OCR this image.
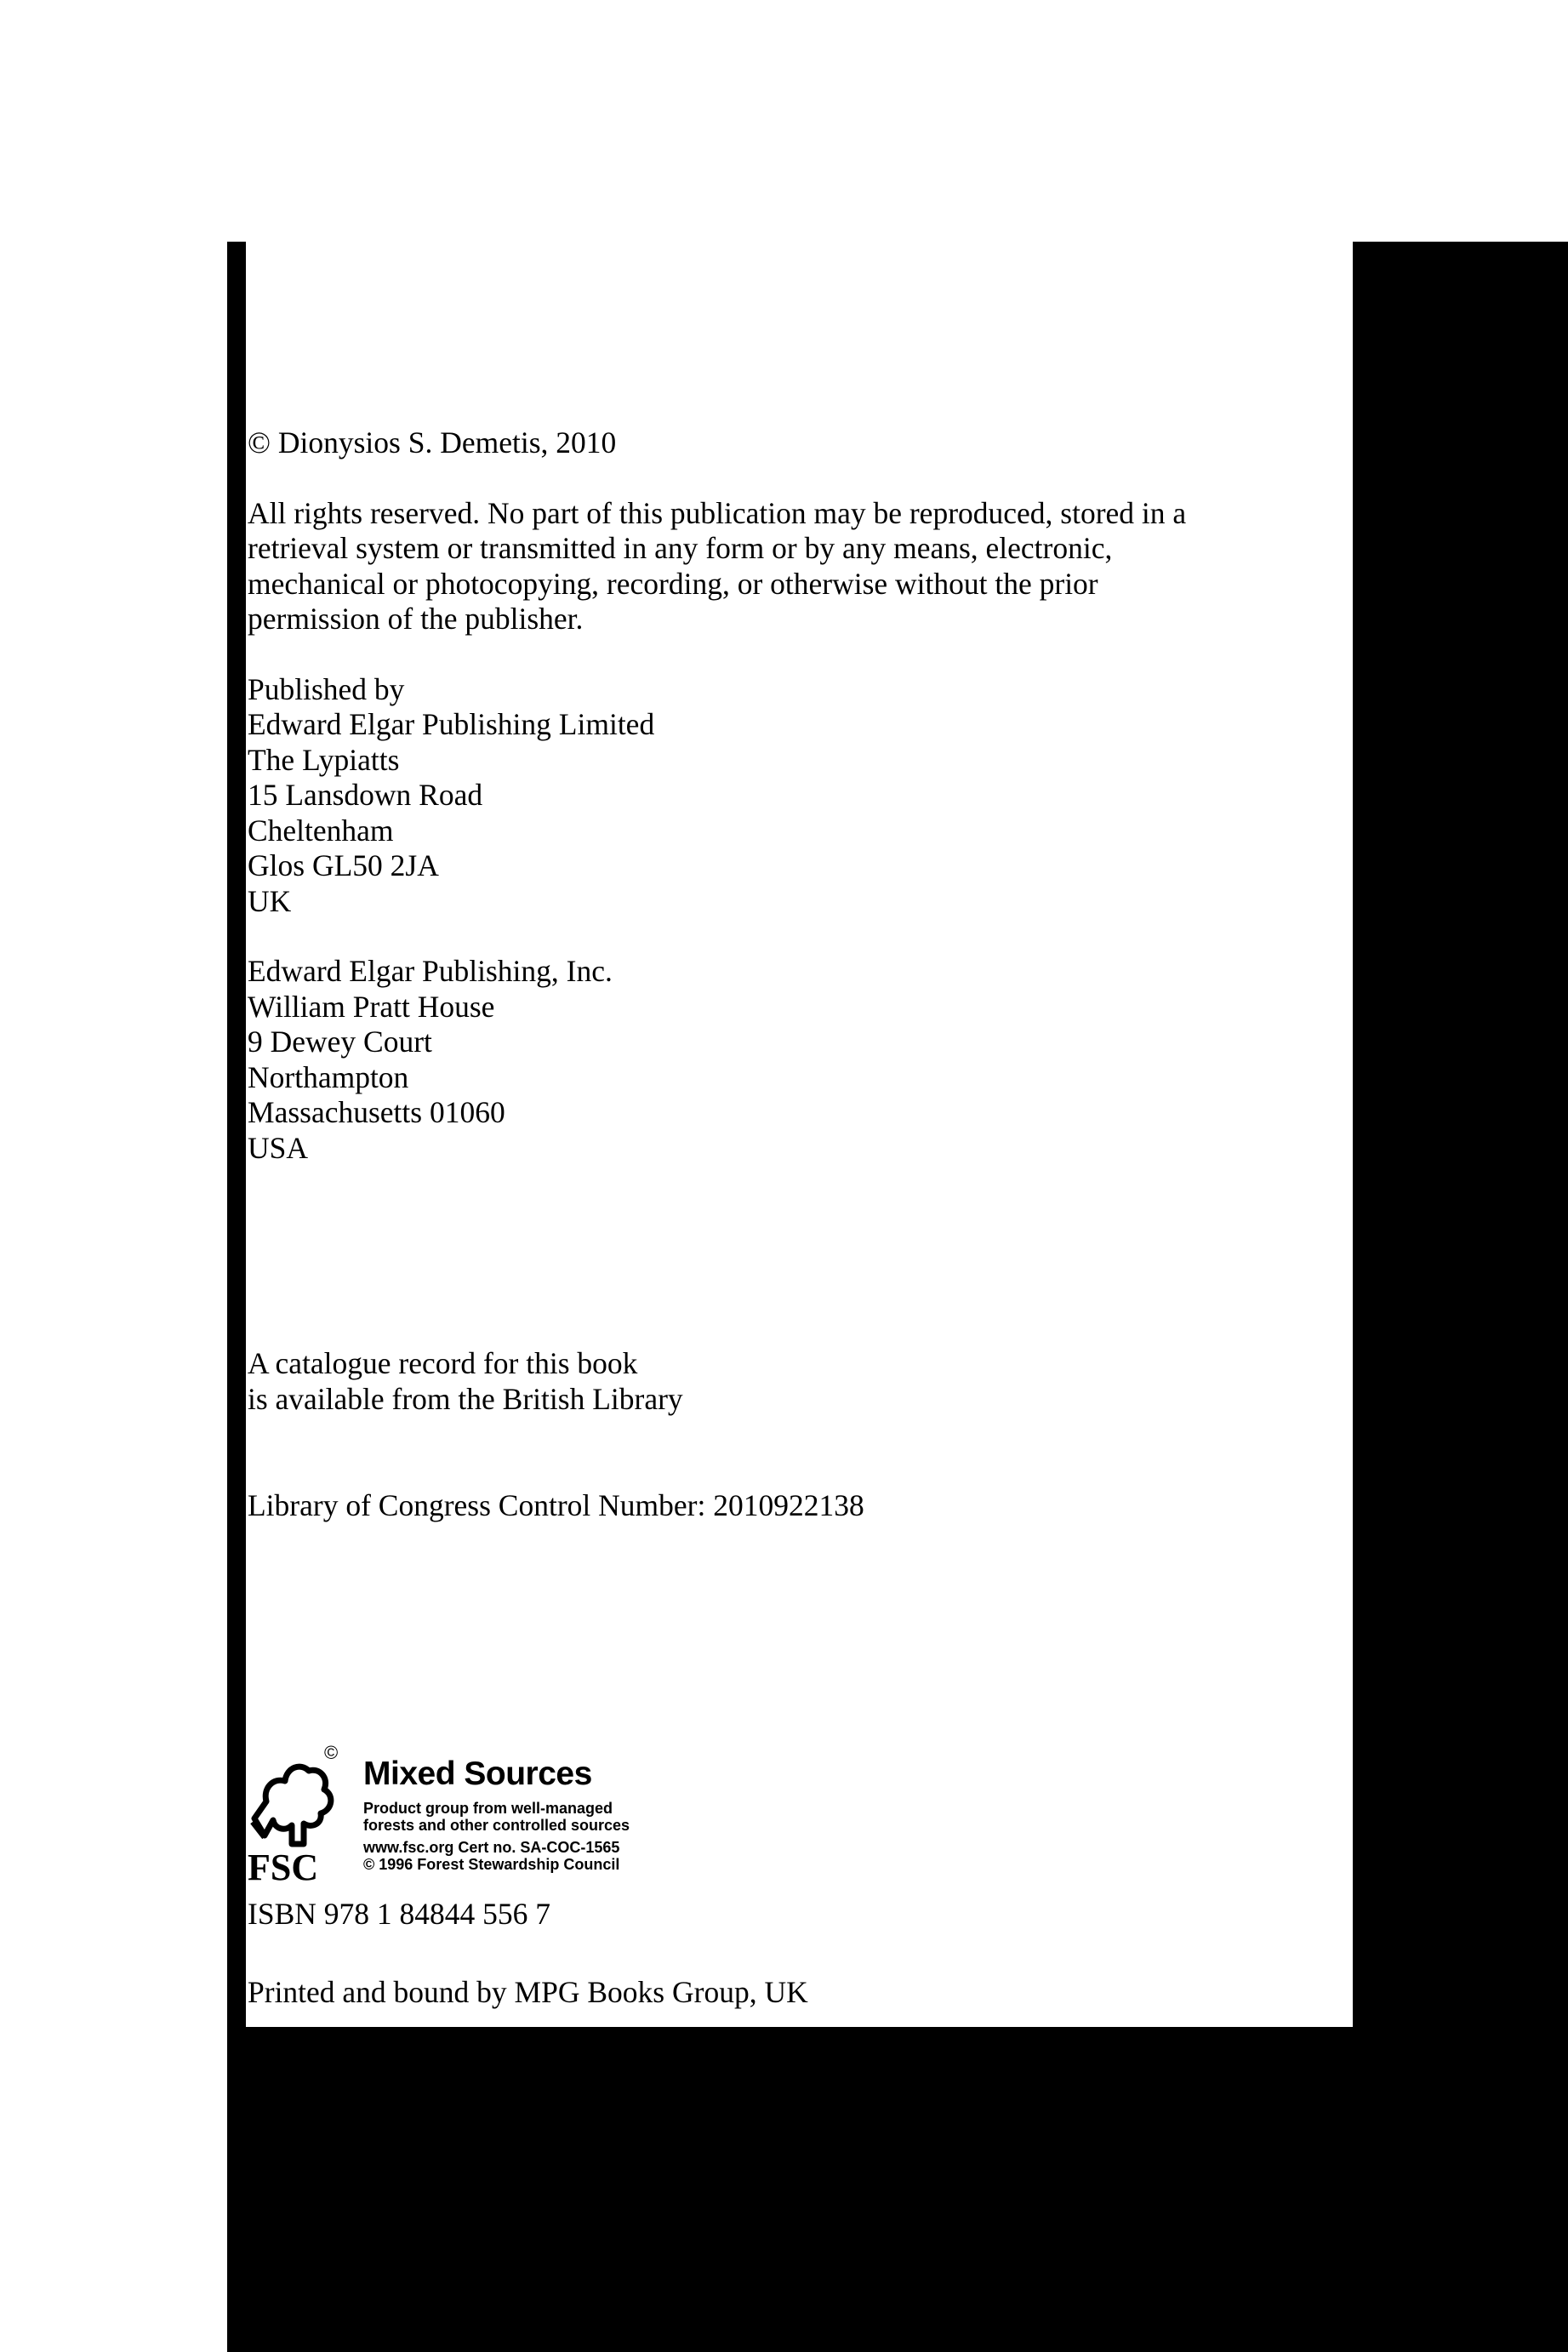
© Dionysios S. Demetis, 2010

All rights reserved. No part of this publication may be reproduced, stored in a
retrieval system or transmitted in any form or by any means, electronic,
mechanical or photocopying, recording, or otherwise without the prior
permission of the publisher.
Published by
Edward Elgar Publishing Limited
The Lypiatts
15 Lansdown Road
Cheltenham
Glos GL50 2JA
UK
Edward Elgar Publishing, Inc.
William Pratt House
9 Dewey Court
Northampton
Massachusetts 01060
USA
A catalogue record for this book
is available from the British Library

Library of Congress Control Number: 2010922138

©
FSC
Mixed Sources
Product group from well-managed
forests and other controlled sources
www.fsc.org Cert no. SA-COC-1565
© 1996 Forest Stewardship Council

ISBN 978 1 84844 556 7

Printed and bound by MPG Books Group, UK
